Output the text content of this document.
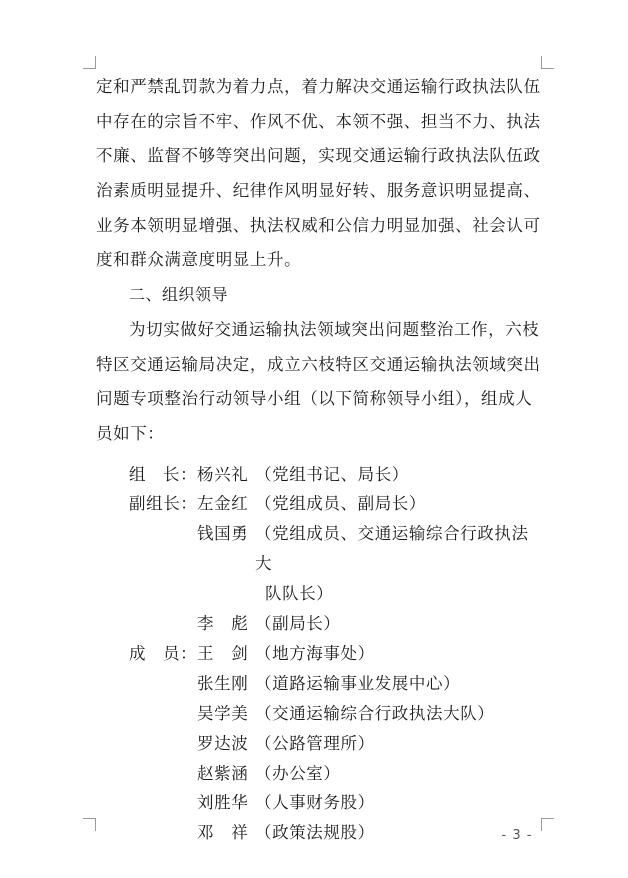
定和严禁乱罚款为着力点，着力解决交通运输行政执法队伍
中存在的宗旨不牢、作风不优、本领不强、担当不力、执法
不廉、监督不够等突出问题，实现交通运输行政执法队伍政
治素质明显提升、纪律作风明显好转、服务意识明显提高、
业务本领明显增强、执法权威和公信力明显加强、社会认可
度和群众满意度明显上升。
二、组织领导
为切实做好交通运输执法领域突出问题整治工作，六枝
特区交通运输局决定，成立六枝特区交通运输执法领域突出
问题专项整治行动领导小组（以下简称领导小组），组成人
员如下：
组 长： 杨兴礼 （党组书记、局长）
副组长： 左金红 （党组成员、副局长）
钱国勇 （党组成员、交通运输综合行政执法大
队队长）
李　彪 （副局长）
成 员： 王　剑 （地方海事处）
张生刚 （道路运输事业发展中心）
吴学美 （交通运输综合行政执法大队）
罗达波 （公路管理所）
赵紫涵 （办公室）
刘胜华 （人事财务股）
邓　祥 （政策法规股）	- 3 -
